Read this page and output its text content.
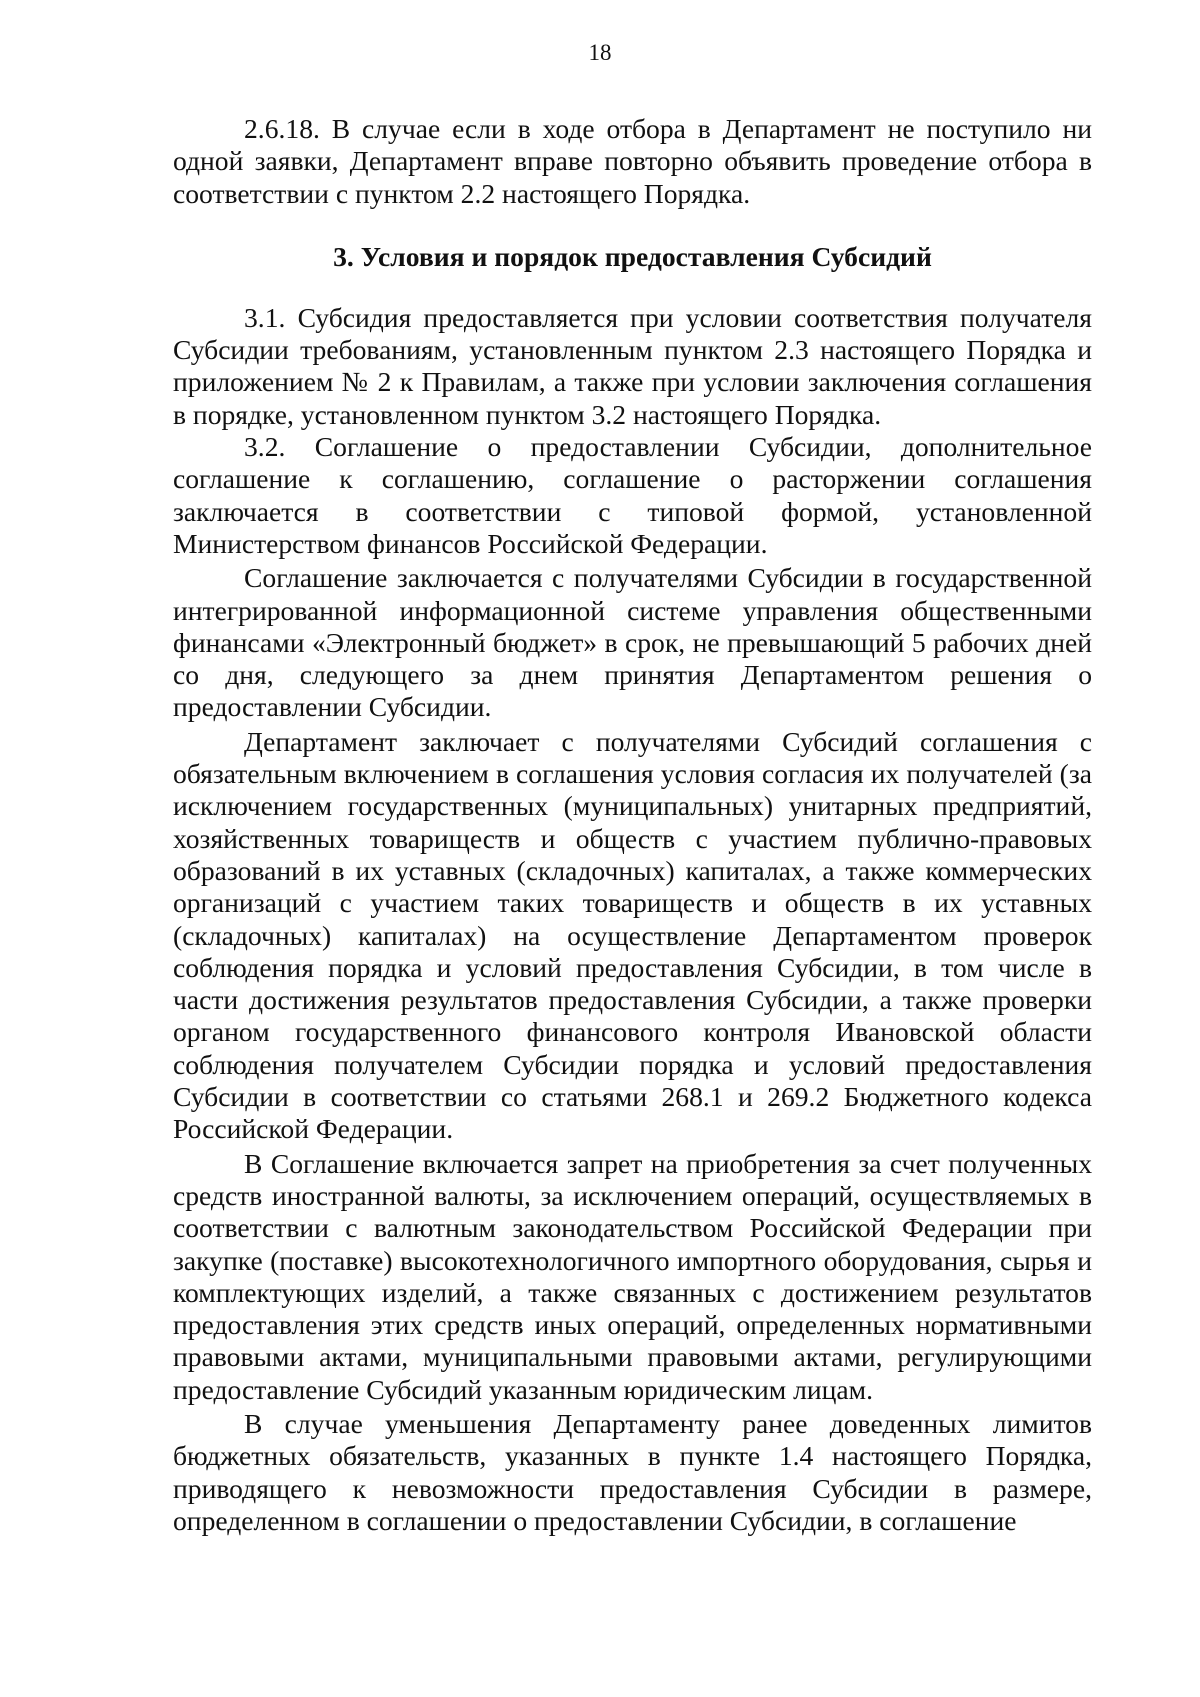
18

2.6.18. В случае если в ходе отбора в Департамент не поступило ни одной заявки, Департамент вправе повторно объявить проведение отбора в соответствии с пунктом 2.2 настоящего Порядка.

3. Условия и порядок предоставления Субсидий

3.1. Субсидия предоставляется при условии соответствия получателя Субсидии требованиям, установленным пунктом 2.3 настоящего Порядка и приложением № 2 к Правилам, а также при условии заключения соглашения в порядке, установленном пунктом 3.2 настоящего Порядка.

3.2. Соглашение о предоставлении Субсидии, дополнительное соглашение к соглашению, соглашение о расторжении соглашения заключается в соответствии с типовой формой, установленной Министерством финансов Российской Федерации.

Соглашение заключается с получателями Субсидии в государственной интегрированной информационной системе управления общественными финансами «Электронный бюджет» в срок, не превышающий 5 рабочих дней со дня, следующего за днем принятия Департаментом решения о предоставлении Субсидии.

Департамент заключает с получателями Субсидий соглашения с обязательным включением в соглашения условия согласия их получателей (за исключением государственных (муниципальных) унитарных предприятий, хозяйственных товариществ и обществ с участием публично-правовых образований в их уставных (складочных) капиталах, а также коммерческих организаций с участием таких товариществ и обществ в их уставных (складочных) капиталах) на осуществление Департаментом проверок соблюдения порядка и условий предоставления Субсидии, в том числе в части достижения результатов предоставления Субсидии, а также проверки органом государственного финансового контроля Ивановской области соблюдения получателем Субсидии порядка и условий предоставления Субсидии в соответствии со статьями 268.1 и 269.2 Бюджетного кодекса Российской Федерации.

В Соглашение включается запрет на приобретения за счет полученных средств иностранной валюты, за исключением операций, осуществляемых в соответствии с валютным законодательством Российской Федерации при закупке (поставке) высокотехнологичного импортного оборудования, сырья и комплектующих изделий, а также связанных с достижением результатов предоставления этих средств иных операций, определенных нормативными правовыми актами, муниципальными правовыми актами, регулирующими предоставление Субсидий указанным юридическим лицам.

В случае уменьшения Департаменту ранее доведенных лимитов бюджетных обязательств, указанных в пункте 1.4 настоящего Порядка, приводящего к невозможности предоставления Субсидии в размере, определенном в соглашении о предоставлении Субсидии, в соглашение
